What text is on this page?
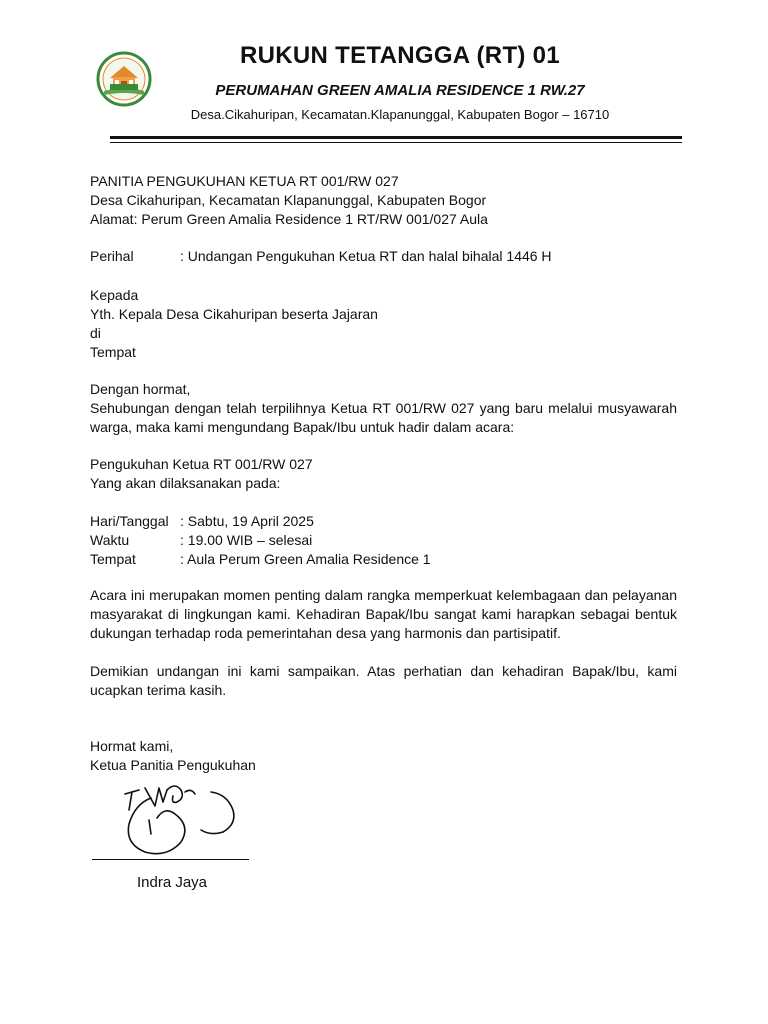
RUKUN TETANGGA (RT) 01
PERUMAHAN GREEN AMALIA RESIDENCE 1 RW.27
Desa.Cikahuripan, Kecamatan.Klapanunggal, Kabupaten Bogor – 16710
PANITIA PENGUKUHAN KETUA RT 001/RW 027
Desa Cikahuripan, Kecamatan Klapanunggal, Kabupaten Bogor
Alamat: Perum Green Amalia Residence 1 RT/RW 001/027 Aula
Perihal	: Undangan Pengukuhan Ketua RT dan halal bihalal 1446 H
Kepada
Yth. Kepala Desa Cikahuripan beserta Jajaran
di
Tempat
Dengan hormat,
Sehubungan dengan telah terpilihnya Ketua RT 001/RW 027 yang baru melalui musyawarah warga, maka kami mengundang Bapak/Ibu untuk hadir dalam acara:
Pengukuhan Ketua RT 001/RW 027
Yang akan dilaksanakan pada:
Hari/Tanggal : Sabtu, 19 April 2025
Waktu	: 19.00 WIB – selesai
Tempat	: Aula Perum Green Amalia Residence 1
Acara ini merupakan momen penting dalam rangka memperkuat kelembagaan dan pelayanan masyarakat di lingkungan kami. Kehadiran Bapak/Ibu sangat kami harapkan sebagai bentuk dukungan terhadap roda pemerintahan desa yang harmonis dan partisipatif.
Demikian undangan ini kami sampaikan. Atas perhatian dan kehadiran Bapak/Ibu, kami ucapkan terima kasih.
Hormat kami,
Ketua Panitia Pengukuhan
Indra Jaya
